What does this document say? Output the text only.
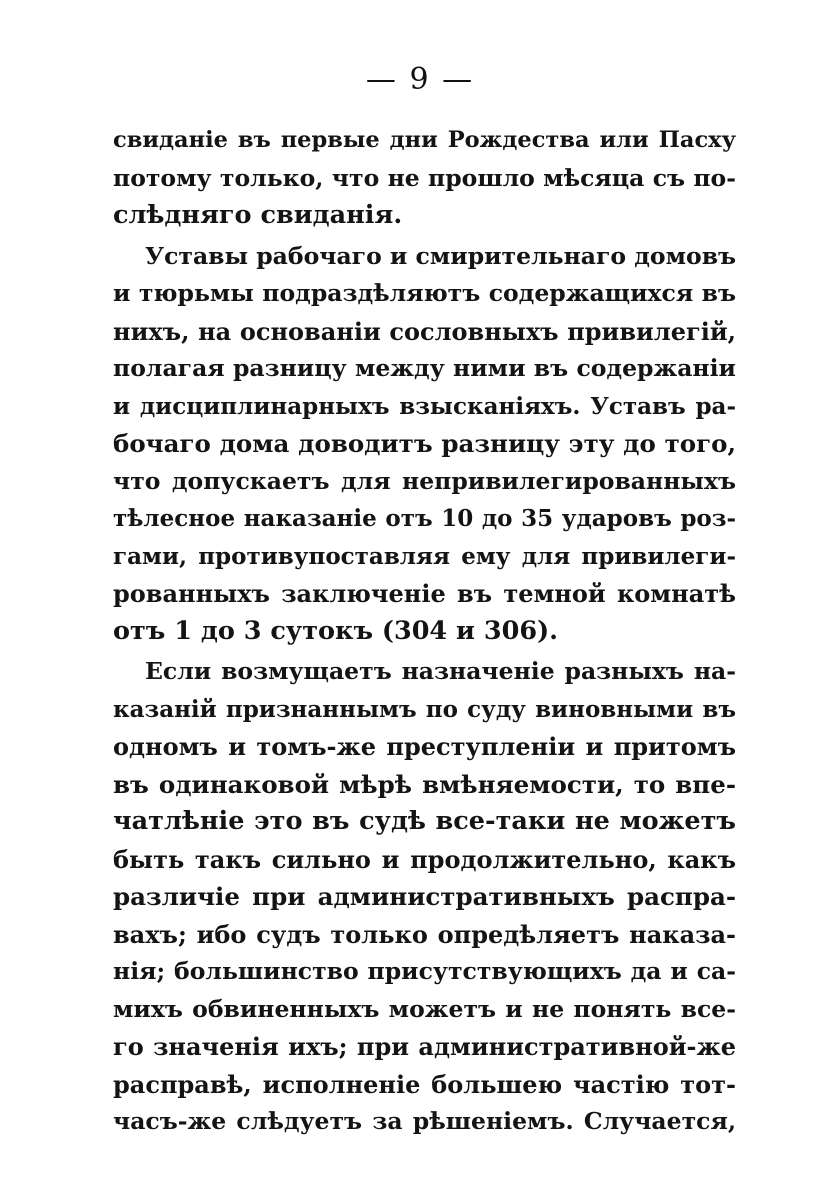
— 9 —
свиданіе въ первые дни Рождества или Пасху
потому только, что не прошло мѣсяца съ по-
слѣдняго свиданія.
Уставы рабочаго и смирительнаго домовъ
и тюрьмы подраздѣляютъ содержащихся въ
нихъ, на основаніи сословныхъ привилегій,
полагая разницу между ними въ содержаніи
и дисциплинарныхъ взысканіяхъ. Уставъ ра-
бочаго дома доводитъ разницу эту до того,
что допускаетъ для непривилегированныхъ
тѣлесное наказаніе отъ 10 до 35 ударовъ роз-
гами, противупоставляя ему для привилеги-
рованныхъ заключеніе въ темной комнатѣ
отъ 1 до 3 сутокъ (304 и 306).
Если возмущаетъ назначеніе разныхъ на-
казаній признаннымъ по суду виновными въ
одномъ и томъ-же преступленіи и притомъ
въ одинаковой мѣрѣ вмѣняемости, то впе-
чатлѣніе это въ судѣ все-таки не можетъ
быть такъ сильно и продолжительно, какъ
различіе при административныхъ распра-
вахъ; ибо судъ только опредѣляетъ наказа-
нія; большинство присутствующихъ да и са-
михъ обвиненныхъ можетъ и не понять все-
го значенія ихъ; при административной-же
расправѣ, исполненіе большею частію тот-
часъ-же слѣдуетъ за рѣшеніемъ. Случается,
